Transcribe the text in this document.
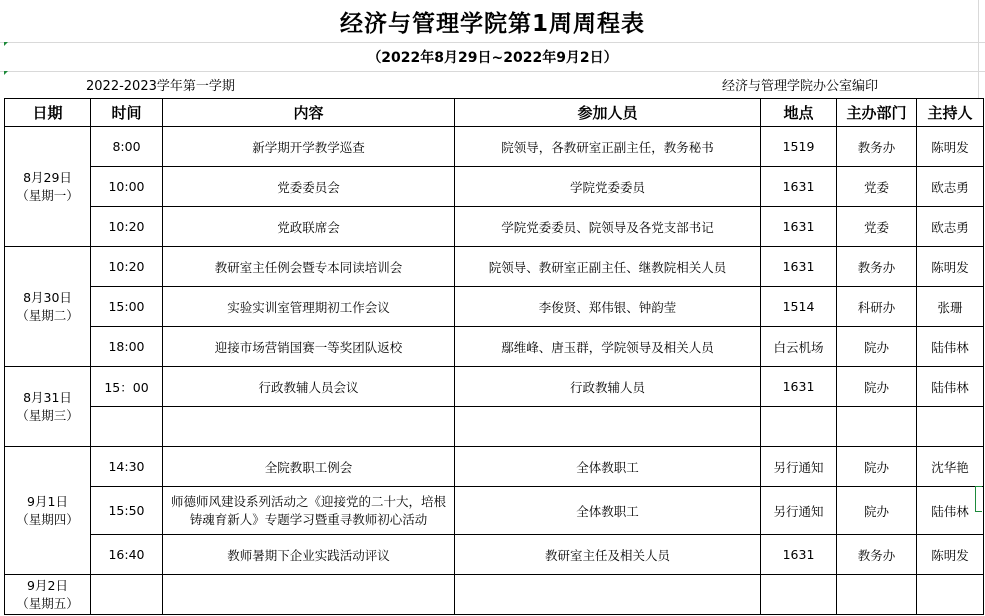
经济与管理学院第1周周程表
（2022年8月29日~2022年9月2日）
2022-2023学年第一学期	经济与管理学院办公室编印
日期	时间	内容	参加人员	地点	主办部门	主持人
8月29日
（星期一）	8:00	新学期开学教学巡查	院领导，各教研室正副主任，教务秘书	1519	教务办	陈明发
	10:00	党委委员会	学院党委委员	1631	党委	欧志勇
	10:20	党政联席会	学院党委委员、院领导及各党支部书记	1631	党委	欧志勇
8月30日
（星期二）	10:20	教研室主任例会暨专本同读培训会	院领导、教研室正副主任、继教院相关人员	1631	教务办	陈明发
	15:00	实验实训室管理期初工作会议	李俊贤、郑伟银、钟韵莹	1514	科研办	张珊
	18:00	迎接市场营销国赛一等奖团队返校	鄢维峰、唐玉群，学院领导及相关人员	白云机场	院办	陆伟林
8月31日
（星期三）	15：00	行政教辅人员会议	行政教辅人员	1631	院办	陆伟林

9月1日
（星期四）	14:30	全院教职工例会	全体教职工	另行通知	院办	沈华艳
	15:50	师德师风建设系列活动之《迎接党的二十大，培根铸魂育新人》专题学习暨重寻教师初心活动	全体教职工	另行通知	院办	陆伟林
	16:40	教师暑期下企业实践活动评议	教研室主任及相关人员	1631	教务办	陈明发
9月2日
（星期五）						
